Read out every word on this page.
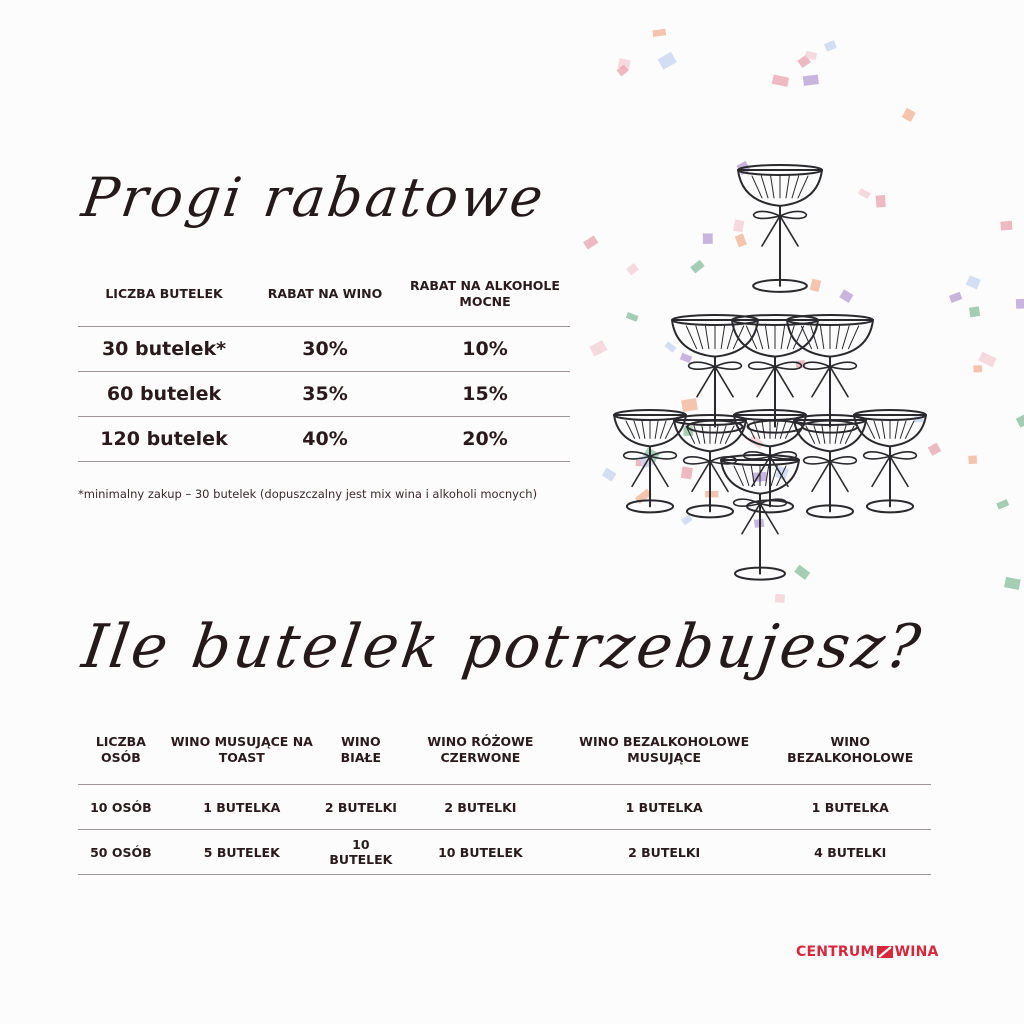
Progi rabatowe
LICZBA BUTELEK	RABAT NA WINO	RABAT NA ALKOHOLE MOCNE
30 butelek*	30%	10%
60 butelek	35%	15%
120 butelek	40%	20%

*minimalny zakup – 30 butelek (dopuszczalny jest mix wina i alkoholi mocnych)

Ile butelek potrzebujesz?
LICZBA OSÓB	WINO MUSUJĄCE NA TOAST	WINO BIAŁE	WINO RÓŻOWE CZERWONE	WINO BEZALKOHOLOWE MUSUJĄCE	WINO BEZALKOHOLOWE
10 OSÓB	1 BUTELKA	2 BUTELKI	2 BUTELKI	1 BUTELKA	1 BUTELKA
50 OSÓB	5 BUTELEK	10 BUTELEK	10 BUTELEK	2 BUTELKI	4 BUTELKI
CENTRUM WINA
